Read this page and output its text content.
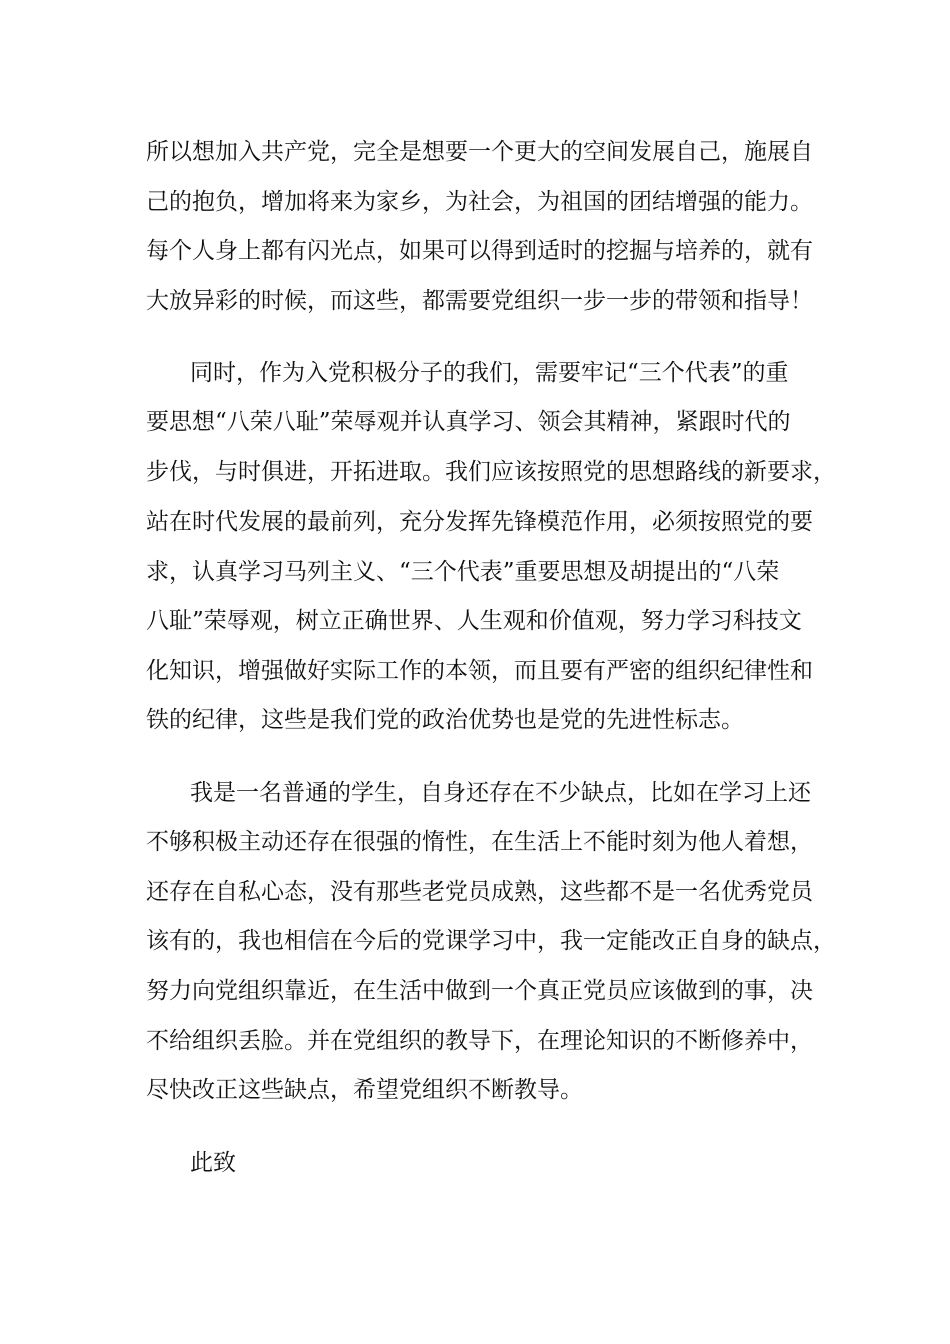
所以想加入共产党，完全是想要一个更大的空间发展自己，施展自

己的抱负，增加将来为家乡，为社会，为祖国的团结增强的能力。

每个人身上都有闪光点，如果可以得到适时的挖掘与培养的，就有

大放异彩的时候，而这些，都需要党组织一步一步的带领和指导！

同时，作为入党积极分子的我们，需要牢记“三个代表”的重

要思想“八荣八耻”荣辱观并认真学习、领会其精神，紧跟时代的

步伐，与时俱进，开拓进取。我们应该按照党的思想路线的新要求，

站在时代发展的最前列，充分发挥先锋模范作用，必须按照党的要

求，认真学习马列主义、“三个代表”重要思想及胡提出的“八荣

八耻”荣辱观，树立正确世界、人生观和价值观，努力学习科技文

化知识，增强做好实际工作的本领，而且要有严密的组织纪律性和

铁的纪律，这些是我们党的政治优势也是党的先进性标志。

我是一名普通的学生，自身还存在不少缺点，比如在学习上还

不够积极主动还存在很强的惰性，在生活上不能时刻为他人着想，

还存在自私心态，没有那些老党员成熟，这些都不是一名优秀党员

该有的，我也相信在今后的党课学习中，我一定能改正自身的缺点，

努力向党组织靠近，在生活中做到一个真正党员应该做到的事，决

不给组织丢脸。并在党组织的教导下，在理论知识的不断修养中，

尽快改正这些缺点，希望党组织不断教导。

此致
